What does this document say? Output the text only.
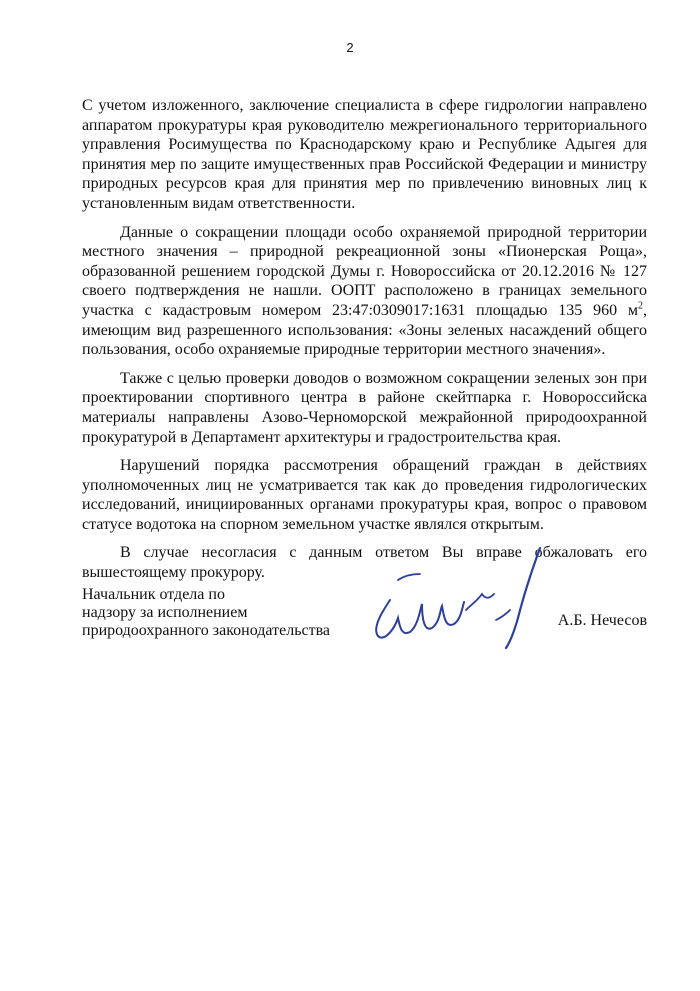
2

С учетом изложенного, заключение специалиста в сфере гидрологии направлено аппаратом прокуратуры края руководителю межрегионального территориального управления Росимущества по Краснодарскому краю и Республике Адыгея для принятия мер по защите имущественных прав Российской Федерации и министру природных ресурсов края для принятия мер по привлечению виновных лиц к установленным видам ответственности.

Данные о сокращении площади особо охраняемой природной территории местного значения – природной рекреационной зоны «Пионерская Роща», образованной решением городской Думы г. Новороссийска от 20.12.2016 № 127 своего подтверждения не нашли. ООПТ расположено в границах земельного участка с кадастровым номером 23:47:0309017:1631 площадью 135 960 $м^2$, имеющим вид разрешенного использования: «Зоны зеленых насаждений общего пользования, особо охраняемые природные территории местного значения».

Также с целью проверки доводов о возможном сокращении зеленых зон при проектировании спортивного центра в районе скейтпарка г. Новороссийска материалы направлены Азово-Черноморской межрайонной природоохранной прокуратурой в Департамент архитектуры и градостроительства края.

Нарушений порядка рассмотрения обращений граждан в действиях уполномоченных лиц не усматривается так как до проведения гидрологических исследований, инициированных органами прокуратуры края, вопрос о правовом статусе водотока на спорном земельном участке являлся открытым.

В случае несогласия с данным ответом Вы вправе обжаловать его вышестоящему прокурору.

Начальник отдела по
надзору за исполнением
природоохранного законодательства
А.Б. Нечесов
